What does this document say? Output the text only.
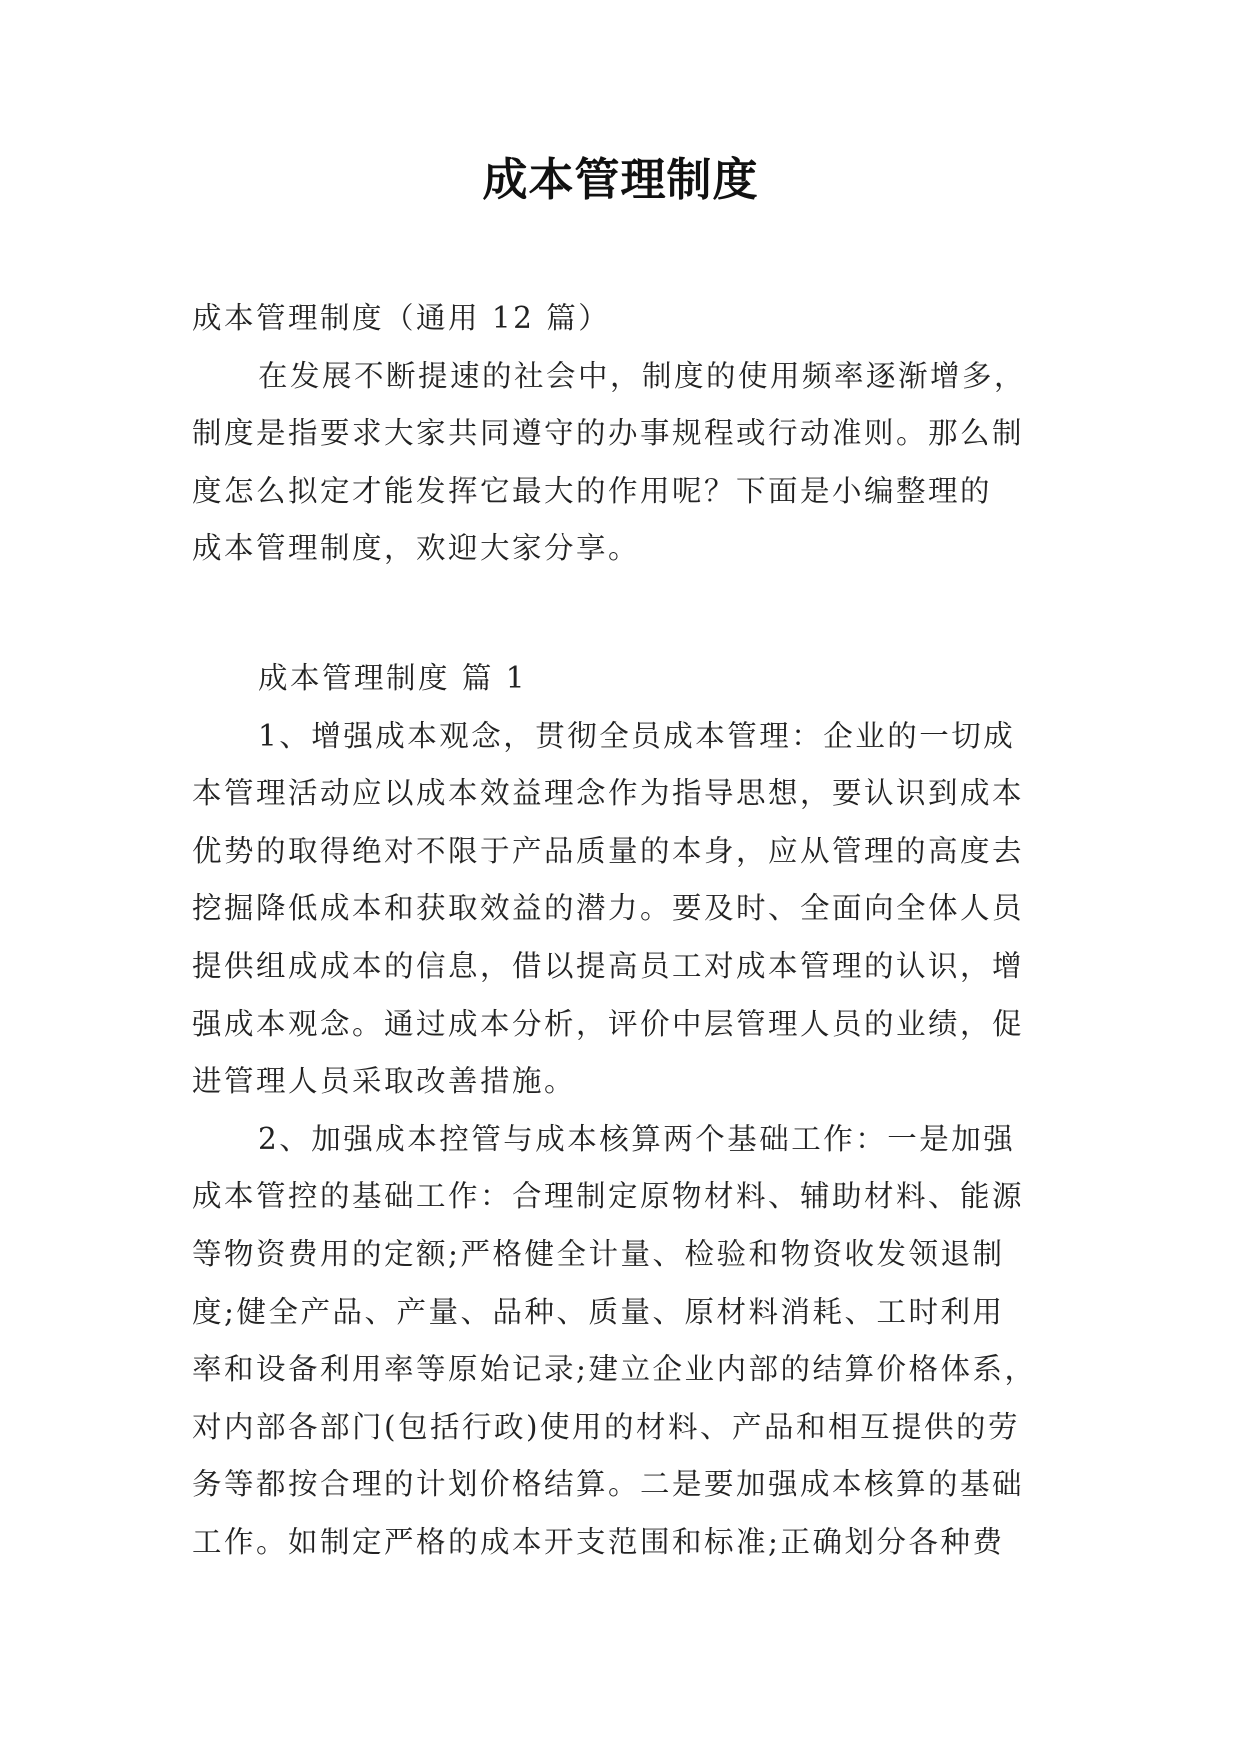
成本管理制度
成本管理制度（通用 12 篇）
在发展不断提速的社会中，制度的使用频率逐渐增多，
制度是指要求大家共同遵守的办事规程或行动准则。那么制
度怎么拟定才能发挥它最大的作用呢？下面是小编整理的
成本管理制度，欢迎大家分享。
成本管理制度 篇 1
1、增强成本观念，贯彻全员成本管理：企业的一切成
本管理活动应以成本效益理念作为指导思想，要认识到成本
优势的取得绝对不限于产品质量的本身，应从管理的高度去
挖掘降低成本和获取效益的潜力。要及时、全面向全体人员
提供组成成本的信息，借以提高员工对成本管理的认识，增
强成本观念。通过成本分析，评价中层管理人员的业绩，促
进管理人员采取改善措施。
2、加强成本控管与成本核算两个基础工作：一是加强
成本管控的基础工作：合理制定原物材料、辅助材料、能源
等物资费用的定额;严格健全计量、检验和物资收发领退制
度;健全产品、产量、品种、质量、原材料消耗、工时利用
率和设备利用率等原始记录;建立企业内部的结算价格体系，
对内部各部门(包括行政)使用的材料、产品和相互提供的劳
务等都按合理的计划价格结算。二是要加强成本核算的基础
工作。如制定严格的成本开支范围和标准;正确划分各种费
